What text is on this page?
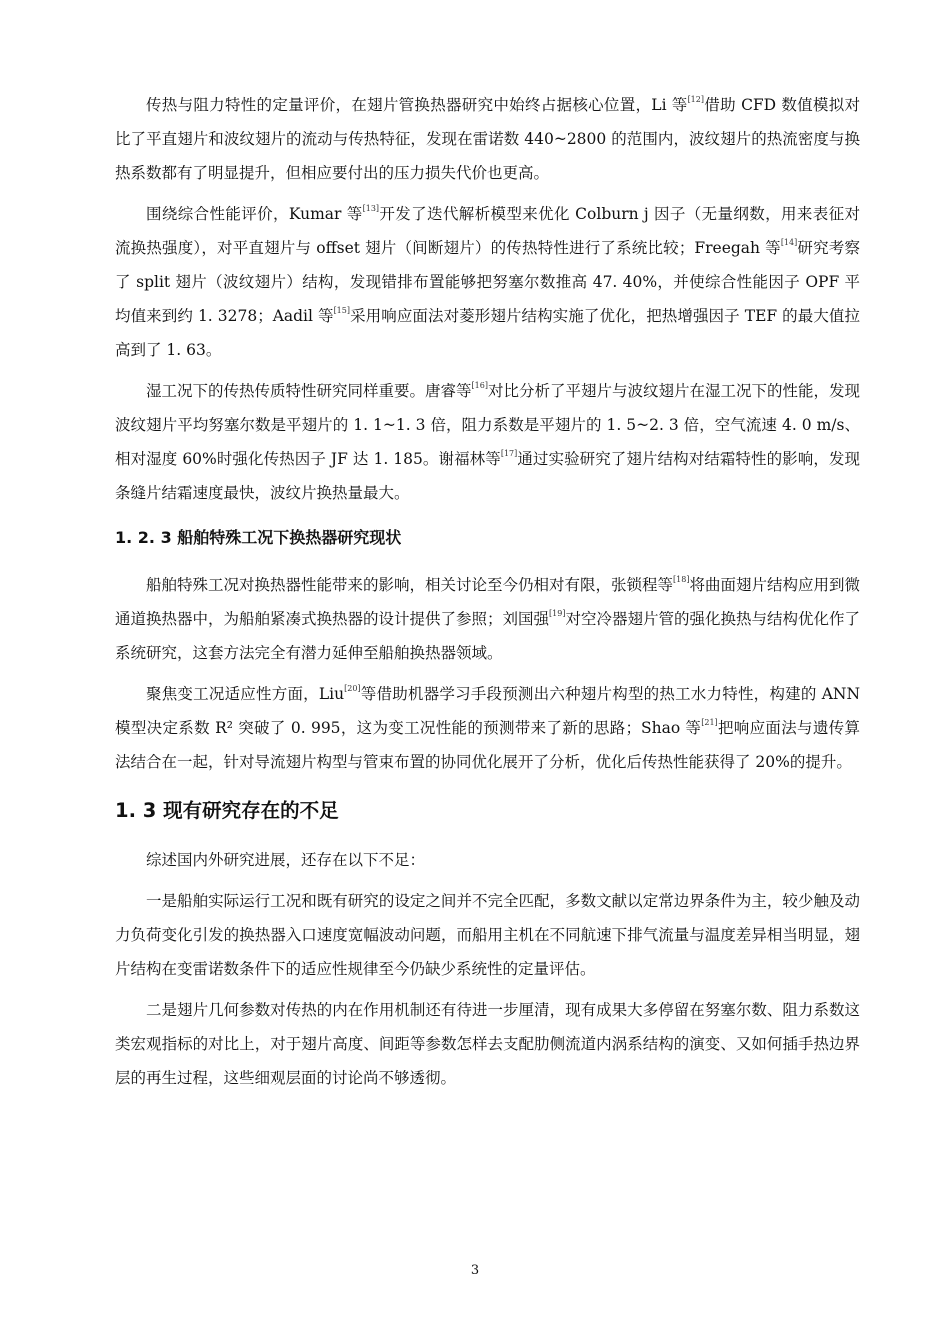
传热与阻力特性的定量评价，在翅片管换热器研究中始终占据核心位置，Li 等[12]借助 CFD 数值模拟对比了平直翅片和波纹翅片的流动与传热特征，发现在雷诺数 440~2800 的范围内，波纹翅片的热流密度与换热系数都有了明显提升，但相应要付出的压力损失代价也更高。

围绕综合性能评价，Kumar 等[13]开发了迭代解析模型来优化 Colburn j 因子（无量纲数，用来表征对流换热强度），对平直翅片与 offset 翅片（间断翅片）的传热特性进行了系统比较；Freegah 等[14]研究考察了 split 翅片（波纹翅片）结构，发现错排布置能够把努塞尔数推高 47. 40%，并使综合性能因子 OPF 平均值来到约 1. 3278；Aadil 等[15]采用响应面法对菱形翅片结构实施了优化，把热增强因子 TEF 的最大值拉高到了 1. 63。

湿工况下的传热传质特性研究同样重要。唐睿等[16]对比分析了平翅片与波纹翅片在湿工况下的性能，发现波纹翅片平均努塞尔数是平翅片的 1. 1~1. 3 倍，阻力系数是平翅片的 1. 5~2. 3 倍，空气流速 4. 0 m/s、相对湿度 60%时强化传热因子 JF 达 1. 185。谢福林等[17]通过实验研究了翅片结构对结霜特性的影响，发现条缝片结霜速度最快，波纹片换热量最大。

1. 2. 3 船舶特殊工况下换热器研究现状

船舶特殊工况对换热器性能带来的影响，相关讨论至今仍相对有限，张锁程等[18]将曲面翅片结构应用到微通道换热器中，为船舶紧凑式换热器的设计提供了参照；刘国强[19]对空冷器翅片管的强化换热与结构优化作了系统研究，这套方法完全有潜力延伸至船舶换热器领域。

聚焦变工况适应性方面，Liu[20]等借助机器学习手段预测出六种翅片构型的热工水力特性，构建的 ANN 模型决定系数 R² 突破了 0. 995，这为变工况性能的预测带来了新的思路；Shao 等[21]把响应面法与遗传算法结合在一起，针对导流翅片构型与管束布置的协同优化展开了分析，优化后传热性能获得了 20%的提升。

1. 3 现有研究存在的不足

综述国内外研究进展，还存在以下不足：

一是船舶实际运行工况和既有研究的设定之间并不完全匹配，多数文献以定常边界条件为主，较少触及动力负荷变化引发的换热器入口速度宽幅波动问题，而船用主机在不同航速下排气流量与温度差异相当明显，翅片结构在变雷诺数条件下的适应性规律至今仍缺少系统性的定量评估。

二是翅片几何参数对传热的内在作用机制还有待进一步厘清，现有成果大多停留在努塞尔数、阻力系数这类宏观指标的对比上，对于翅片高度、间距等参数怎样去支配肋侧流道内涡系结构的演变、又如何插手热边界层的再生过程，这些细观层面的讨论尚不够透彻。

3
